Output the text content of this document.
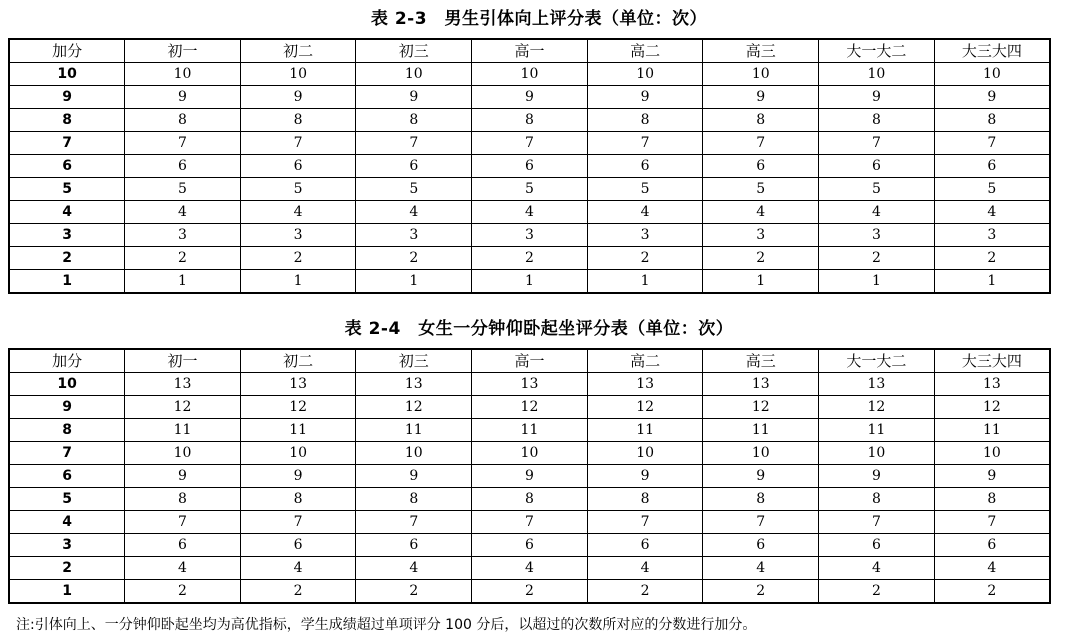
表 2-3　男生引体向上评分表（单位：次）
加分	初一	初二	初三	高一	高二	高三	大一大二	大三大四
10	10	10	10	10	10	10	10	10
9	9	9	9	9	9	9	9	9
8	8	8	8	8	8	8	8	8
7	7	7	7	7	7	7	7	7
6	6	6	6	6	6	6	6	6
5	5	5	5	5	5	5	5	5
4	4	4	4	4	4	4	4	4
3	3	3	3	3	3	3	3	3
2	2	2	2	2	2	2	2	2
1	1	1	1	1	1	1	1	1
表 2-4　女生一分钟仰卧起坐评分表（单位：次）
加分	初一	初二	初三	高一	高二	高三	大一大二	大三大四
10	13	13	13	13	13	13	13	13
9	12	12	12	12	12	12	12	12
8	11	11	11	11	11	11	11	11
7	10	10	10	10	10	10	10	10
6	9	9	9	9	9	9	9	9
5	8	8	8	8	8	8	8	8
4	7	7	7	7	7	7	7	7
3	6	6	6	6	6	6	6	6
2	4	4	4	4	4	4	4	4
1	2	2	2	2	2	2	2	2
注:引体向上、一分钟仰卧起坐均为高优指标，学生成绩超过单项评分 100 分后，以超过的次数所对应的分数进行加分。
